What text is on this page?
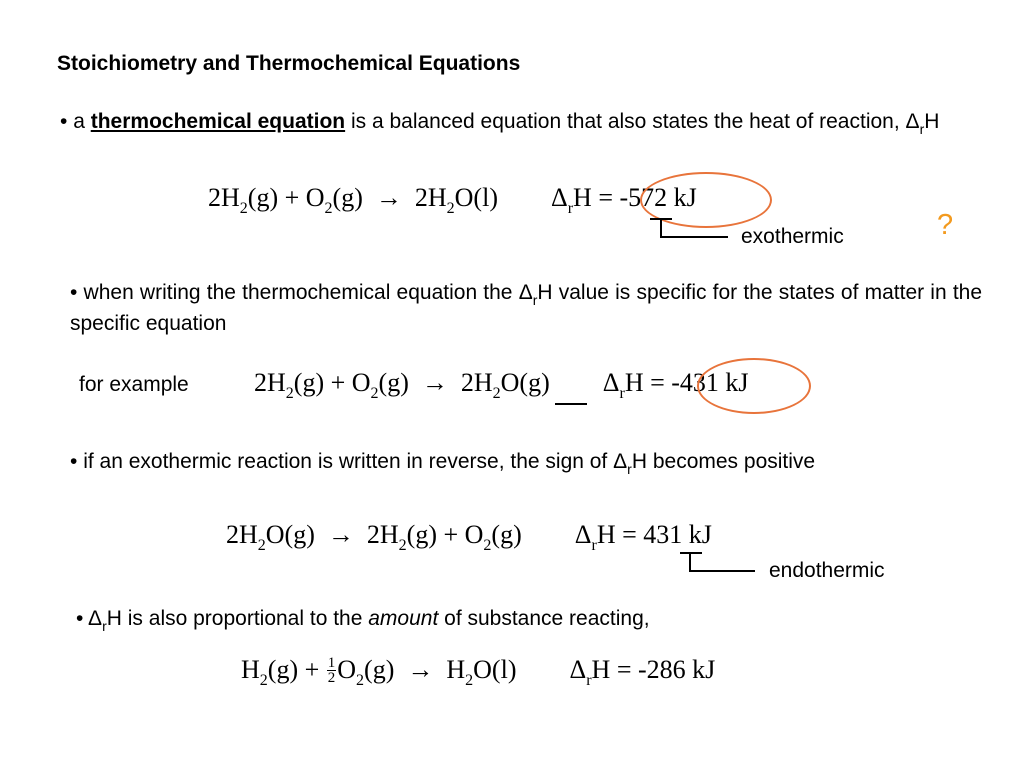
Stoichiometry and Thermochemical Equations
• a thermochemical equation is a balanced equation that also states the heat of reaction, $\Delta_rH$
$2H_2(g) + O_2(g) \to 2H_2O(l) \Delta_rH = -572$ kJ
exothermic	?
• when writing the thermochemical equation the $\Delta_rH$ value is specific for the states of matter in the specific equation
for example	$2H_2(g) + O_2(g) \to 2H_2O(g) \Delta_rH = -431$ kJ
• if an exothermic reaction is written in reverse, the sign of $\Delta_rH$ becomes positive
$2H_2O(g) \to 2H_2(g) + O_2(g) \Delta_rH = 431$ kJ
endothermic
• $\Delta_rH$ is also proportional to the amount of substance reacting,
$H_2(g) + \frac{1}{2} O_2(g) \to H_2O(l) \Delta_rH = -286$ kJ
